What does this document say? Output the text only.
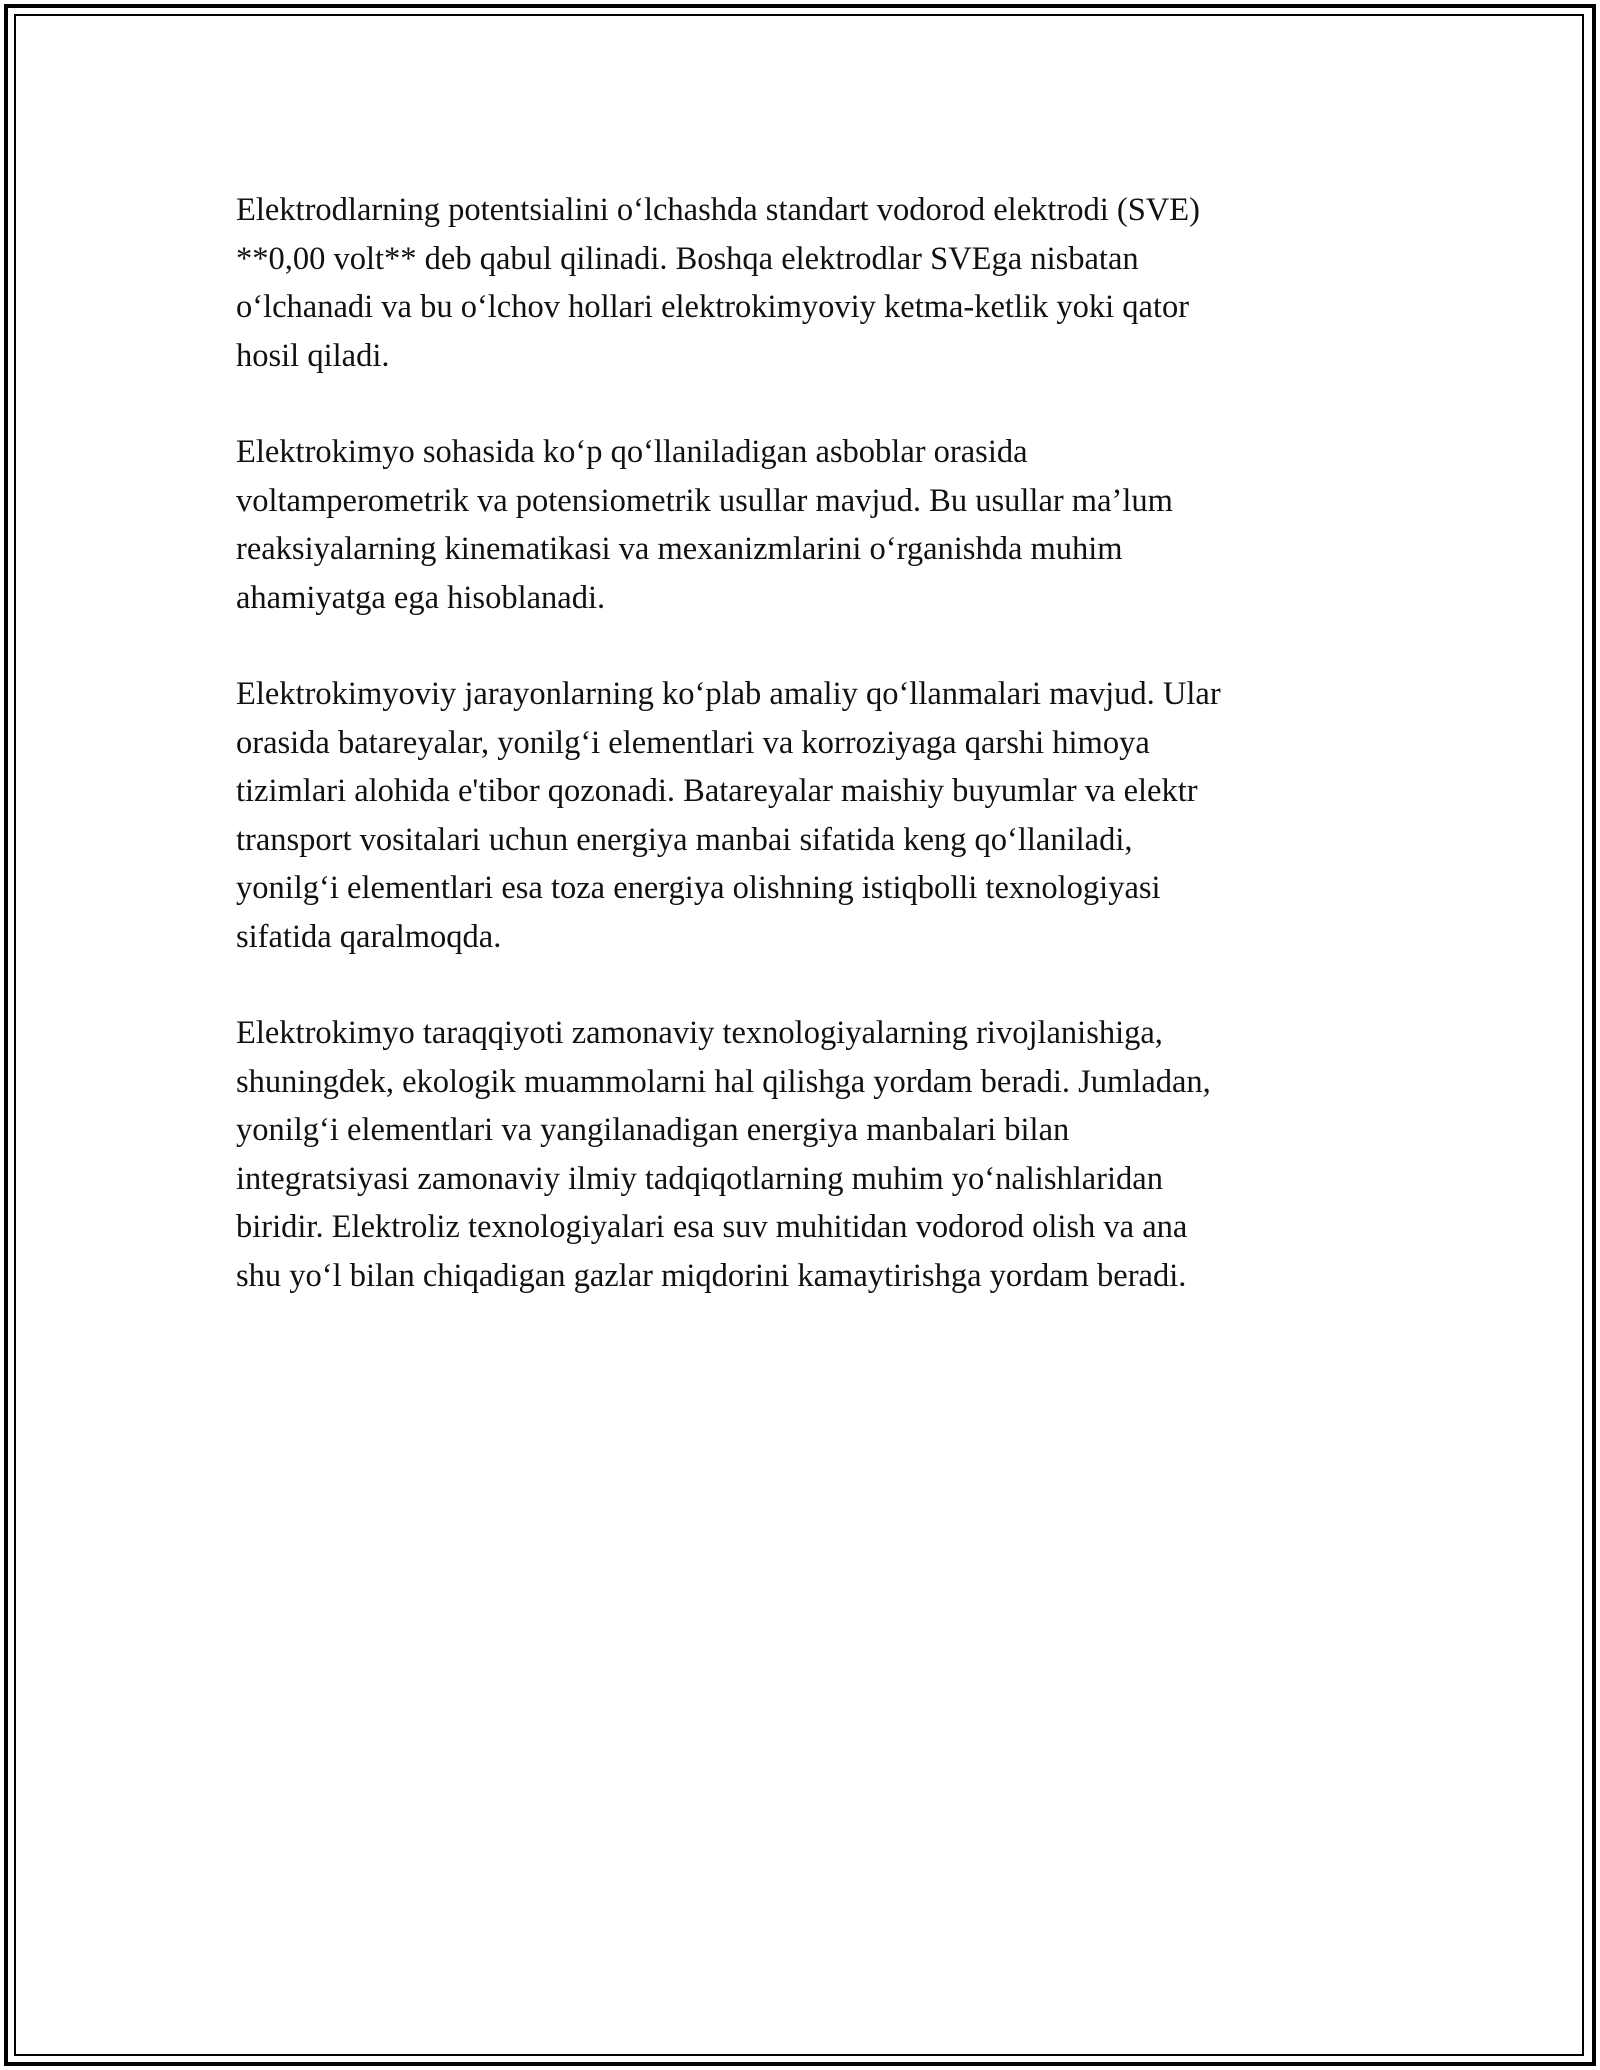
Elektrodlarning potentsialini o‘lchashda standart vodorod elektrodi (SVE)
**0,00 volt** deb qabul qilinadi. Boshqa elektrodlar SVEga nisbatan
o‘lchanadi va bu o‘lchov hollari elektrokimyoviy ketma-ketlik yoki qator
hosil qiladi.

Elektrokimyo sohasida ko‘p qo‘llaniladigan asboblar orasida
voltamperometrik va potensiometrik usullar mavjud. Bu usullar ma’lum
reaksiyalarning kinematikasi va mexanizmlarini o‘rganishda muhim
ahamiyatga ega hisoblanadi.

Elektrokimyoviy jarayonlarning ko‘plab amaliy qo‘llanmalari mavjud. Ular
orasida batareyalar, yonilg‘i elementlari va korroziyaga qarshi himoya
tizimlari alohida e'tibor qozonadi. Batareyalar maishiy buyumlar va elektr
transport vositalari uchun energiya manbai sifatida keng qo‘llaniladi,
yonilg‘i elementlari esa toza energiya olishning istiqbolli texnologiyasi
sifatida qaralmoqda.

Elektrokimyo taraqqiyoti zamonaviy texnologiyalarning rivojlanishiga,
shuningdek, ekologik muammolarni hal qilishga yordam beradi. Jumladan,
yonilg‘i elementlari va yangilanadigan energiya manbalari bilan
integratsiyasi zamonaviy ilmiy tadqiqotlarning muhim yo‘nalishlaridan
biridir. Elektroliz texnologiyalari esa suv muhitidan vodorod olish va ana
shu yo‘l bilan chiqadigan gazlar miqdorini kamaytirishga yordam beradi.
